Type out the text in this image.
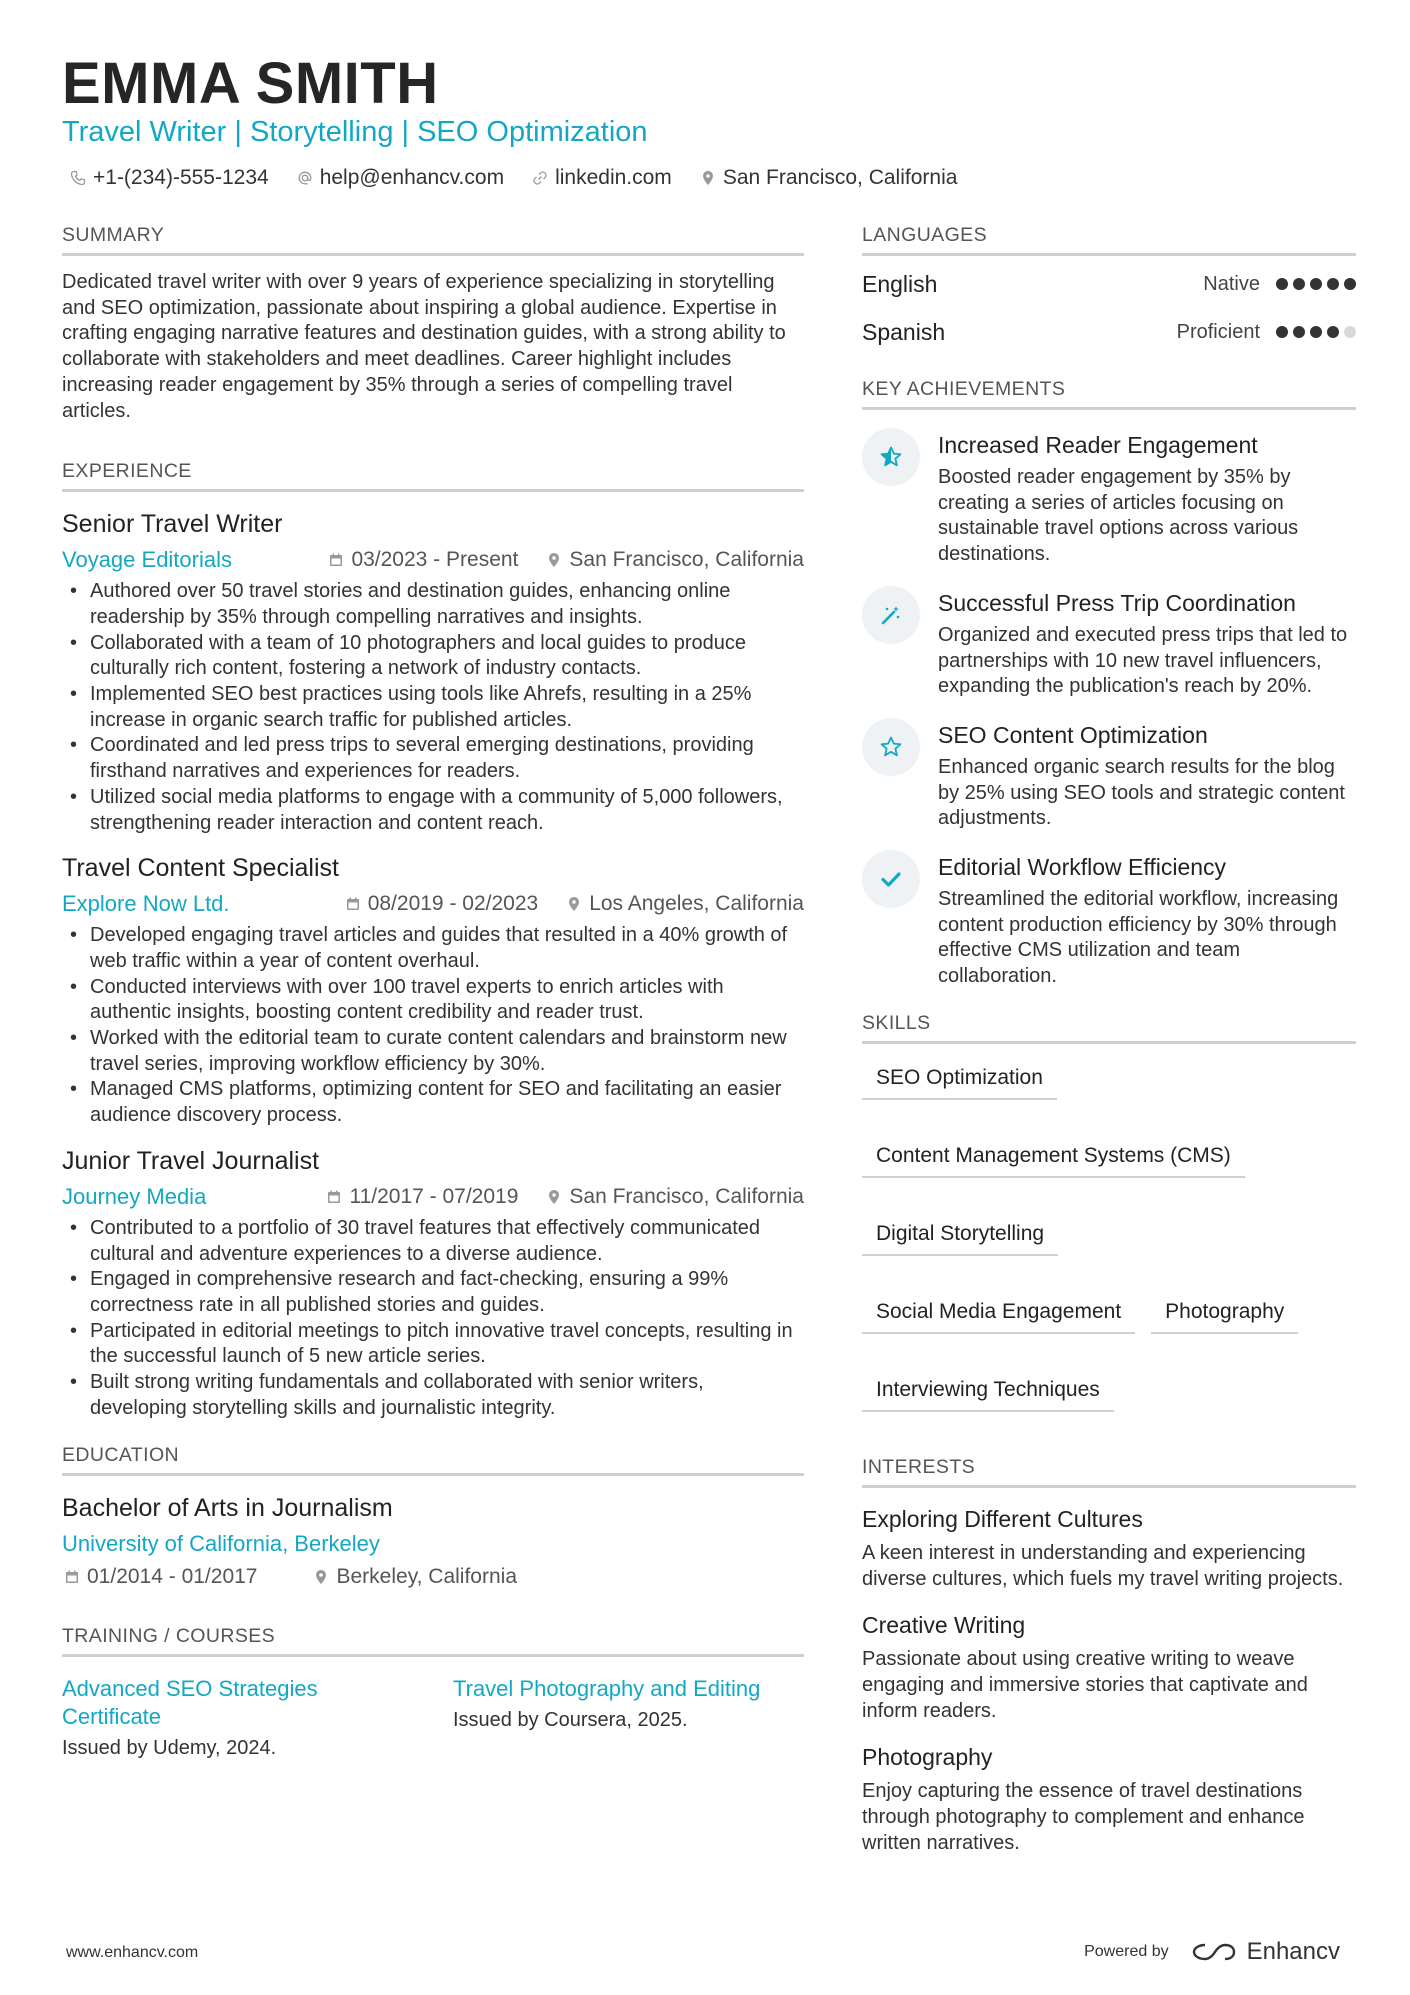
EMMA SMITH
Travel Writer | Storytelling | SEO Optimization
+1-(234)-555-1234 help@enhancv.com linkedin.com San Francisco, California
SUMMARY

Dedicated travel writer with over 9 years of experience specializing in storytelling and SEO optimization, passionate about inspiring a global audience. Expertise in crafting engaging narrative features and destination guides, with a strong ability to collaborate with stakeholders and meet deadlines. Career highlight includes increasing reader engagement by 35% through a series of compelling travel articles.

EXPERIENCE
Senior Travel Writer
Voyage Editorials	03/2023 - Present San Francisco, California
• Authored over 50 travel stories and destination guides, enhancing online readership by 35% through compelling narratives and insights.
• Collaborated with a team of 10 photographers and local guides to produce culturally rich content, fostering a network of industry contacts.
• Implemented SEO best practices using tools like Ahrefs, resulting in a 25% increase in organic search traffic for published articles.
• Coordinated and led press trips to several emerging destinations, providing firsthand narratives and experiences for readers.
• Utilized social media platforms to engage with a community of 5,000 followers, strengthening reader interaction and content reach.
Travel Content Specialist
Explore Now Ltd.	08/2019 - 02/2023 Los Angeles, California
• Developed engaging travel articles and guides that resulted in a 40% growth of web traffic within a year of content overhaul.
• Conducted interviews with over 100 travel experts to enrich articles with authentic insights, boosting content credibility and reader trust.
• Worked with the editorial team to curate content calendars and brainstorm new travel series, improving workflow efficiency by 30%.
• Managed CMS platforms, optimizing content for SEO and facilitating an easier audience discovery process.
Junior Travel Journalist
Journey Media	11/2017 - 07/2019 San Francisco, California
• Contributed to a portfolio of 30 travel features that effectively communicated cultural and adventure experiences to a diverse audience.
• Engaged in comprehensive research and fact-checking, ensuring a 99% correctness rate in all published stories and guides.
• Participated in editorial meetings to pitch innovative travel concepts, resulting in the successful launch of 5 new article series.
• Built strong writing fundamentals and collaborated with senior writers, developing storytelling skills and journalistic integrity.
EDUCATION
Bachelor of Arts in Journalism
University of California, Berkeley
01/2014 - 01/2017	Berkeley, California
TRAINING / COURSES
Advanced SEO Strategies Certificate
Issued by Udemy, 2024.
Travel Photography and Editing
Issued by Coursera, 2025.
LANGUAGES
English	Native
Spanish	Proficient
KEY ACHIEVEMENTS
Increased Reader Engagement
Boosted reader engagement by 35% by creating a series of articles focusing on sustainable travel options across various destinations.
Successful Press Trip Coordination
Organized and executed press trips that led to partnerships with 10 new travel influencers, expanding the publication's reach by 20%.
SEO Content Optimization
Enhanced organic search results for the blog by 25% using SEO tools and strategic content adjustments.
Editorial Workflow Efficiency
Streamlined the editorial workflow, increasing content production efficiency by 30% through effective CMS utilization and team collaboration.
SKILLS
SEO Optimization
Content Management Systems (CMS)
Digital Storytelling
Social Media Engagement	Photography
Interviewing Techniques
INTERESTS
Exploring Different Cultures
A keen interest in understanding and experiencing diverse cultures, which fuels my travel writing projects.
Creative Writing
Passionate about using creative writing to weave engaging and immersive stories that captivate and inform readers.
Photography
Enjoy capturing the essence of travel destinations through photography to complement and enhance written narratives.
www.enhancv.com	Powered by	Enhancv
